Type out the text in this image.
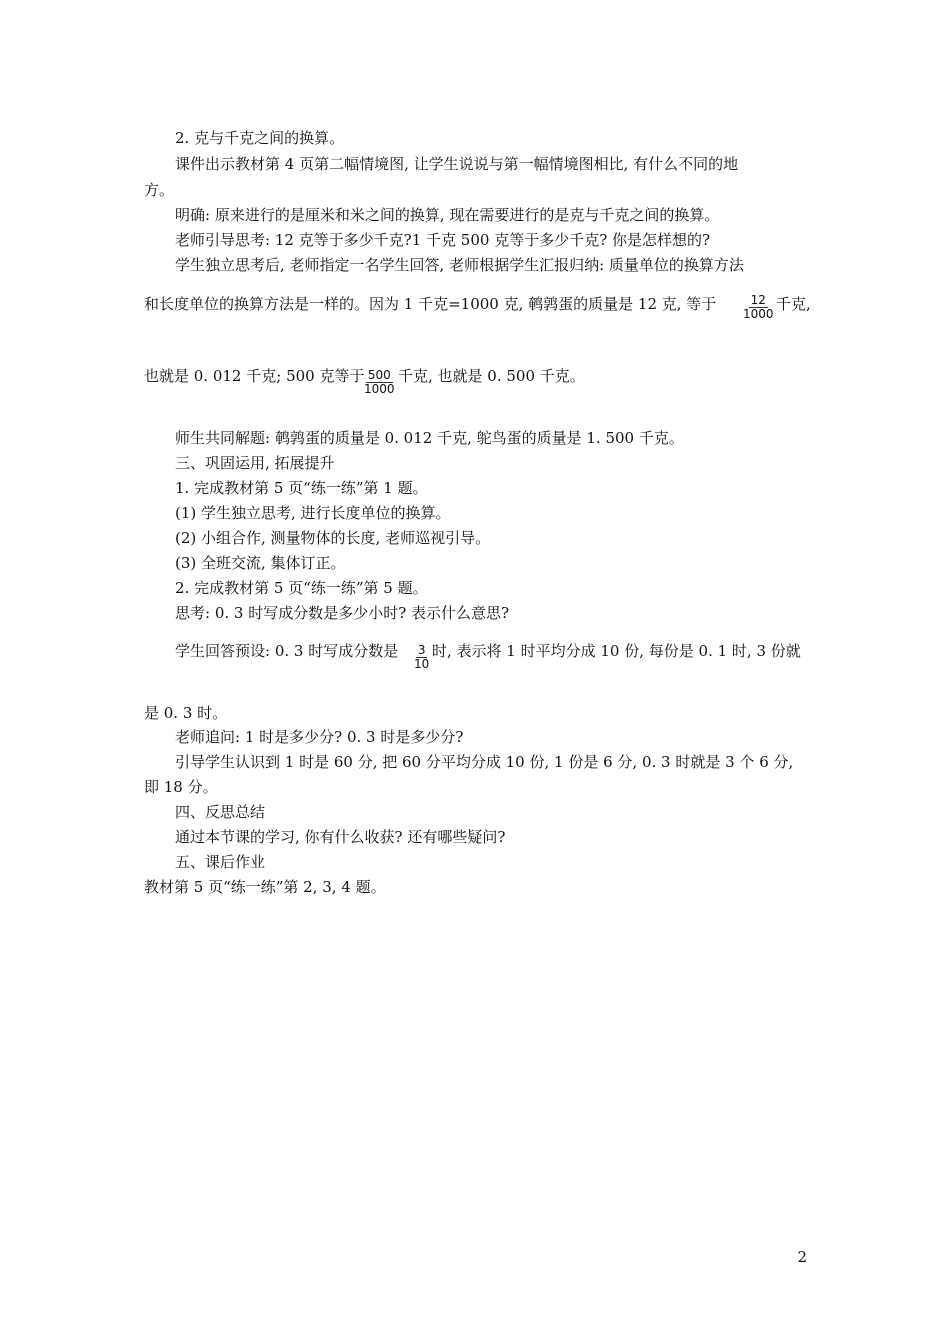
2. 克与千克之间的换算。
课件出示教材第 4 页第二幅情境图, 让学生说说与第一幅情境图相比, 有什么不同的地
方。
明确: 原来进行的是厘米和米之间的换算, 现在需要进行的是克与千克之间的换算。
老师引导思考: 12 克等于多少千克?1 千克 500 克等于多少千克? 你是怎样想的?
学生独立思考后, 老师指定一名学生回答, 老师根据学生汇报归纳: 质量单位的换算方法
和长度单位的换算方法是一样的。因为 1 千克=1000 克, 鹌鹑蛋的质量是 12 克, 等于 $\frac{12}{1000}$ 千克,
也就是 0. 012 千克; 500 克等于
$\frac{500}{1000}$ 千克, 也就是 0. 500 千克。
师生共同解题: 鹌鹑蛋的质量是 0. 012 千克, 鸵鸟蛋的质量是 1. 500 千克。
三、巩固运用, 拓展提升
1. 完成教材第 5 页“练一练”第 1 题。
(1) 学生独立思考, 进行长度单位的换算。
(2) 小组合作, 测量物体的长度, 老师巡视引导。
(3) 全班交流, 集体订正。
2. 完成教材第 5 页“练一练”第 5 题。
思考: 0. 3 时写成分数是多少小时? 表示什么意思?
学生回答预设: 0. 3 时写成分数是 $\frac{3}{10}$ 时, 表示将 1 时平均分成 10 份, 每份是 0. 1 时, 3 份就
是 0. 3 时。
老师追问: 1 时是多少分? 0. 3 时是多少分?
引导学生认识到 1 时是 60 分, 把 60 分平均分成 10 份, 1 份是 6 分, 0. 3 时就是 3 个 6 分,
即 18 分。
四、反思总结
通过本节课的学习, 你有什么收获? 还有哪些疑问?
五、课后作业
教材第 5 页“练一练”第 2, 3, 4 题。
2
